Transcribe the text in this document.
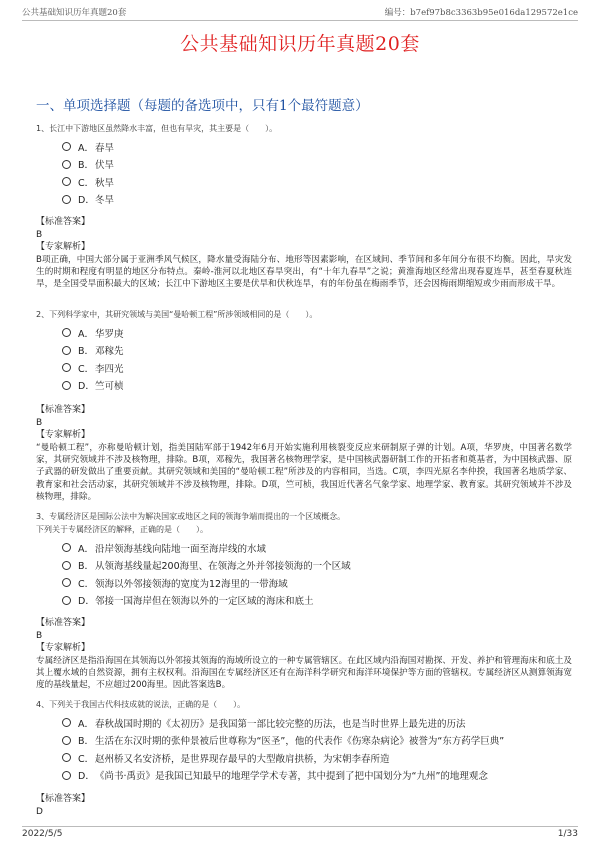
公共基础知识历年真题20套	编号：b7ef97b8c3363b95e016da129572e1ce
公共基础知识历年真题20套
一、单项选择题（每题的备选项中，只有1个最符题意）
1、长江中下游地区虽然降水丰富，但也有旱灾，其主要是（　　）。
A． 春旱
B． 伏旱
C． 秋旱
D． 冬旱
【标准答案】
B
【专家解析】
B项正确，中国大部分属于亚洲季风气候区，降水量受海陆分布、地形等因素影响，在区域间、季节间和多年间分布很不均衡。因此，旱灾发生的时期和程度有明显的地区分布特点。秦岭-淮河以北地区春旱突出，有“十年九春旱”之说；黄淮海地区经常出现春夏连旱，甚至春夏秋连旱，是全国受旱面积最大的区域；长江中下游地区主要是伏旱和伏秋连旱，有的年份虽在梅雨季节，还会因梅雨期缩短或少雨而形成干旱。
2、下列科学家中，其研究领域与美国“曼哈顿工程”所涉领域相同的是（　　）。
A． 华罗庚
B． 邓稼先
C． 李四光
D． 竺可桢
【标准答案】
B
【专家解析】
“曼哈顿工程”，亦称曼哈顿计划，指美国陆军部于1942年6月开始实施利用核裂变反应来研制原子弹的计划。A项，华罗庚，中国著名数学家，其研究领域并不涉及核物理，排除。B项，邓稼先，我国著名核物理学家，是中国核武器研制工作的开拓者和奠基者，为中国核武器、原子武器的研发做出了重要贡献。其研究领域和美国的“曼哈顿工程”所涉及的内容相同，当选。C项，李四光原名李仲揆，我国著名地质学家、教育家和社会活动家，其研究领域并不涉及核物理，排除。D项，竺可桢，我国近代著名气象学家、地理学家、教育家。其研究领域并不涉及核物理，排除。
3、专属经济区是国际公法中为解决国家或地区之间的领海争端而提出的一个区域概念。
下列关于专属经济区的解释，正确的是（　　）。
A． 沿岸领海基线向陆地一面至海岸线的水域
B． 从领海基线量起200海里、在领海之外并邻接领海的一个区域
C． 领海以外邻接领海的宽度为12海里的一带海域
D． 邻接一国海岸但在领海以外的一定区域的海床和底土
【标准答案】
B
【专家解析】
专属经济区是指沿海国在其领海以外邻接其领海的海域所设立的一种专属管辖区。在此区域内沿海国对勘探、开发、养护和管理海床和底土及其上覆水域的自然资源，拥有主权权利。沿海国在专属经济区还有在海洋科学研究和海洋环境保护等方面的管辖权。专属经济区从测算领海宽度的基线量起，不应超过200海里。因此答案选B。
4、下列关于我国古代科技成就的说法，正确的是（　　）。
A． 春秋战国时期的《太初历》是我国第一部比较完整的历法，也是当时世界上最先进的历法
B． 生活在东汉时期的张仲景被后世尊称为“医圣”，他的代表作《伤寒杂病论》被誉为“东方药学巨典”
C． 赵州桥又名安济桥，是世界现存最早的大型敞肩拱桥，为宋朝李春所造
D． 《尚书·禹贡》是我国已知最早的地理学学术专著，其中提到了把中国划分为“九州”的地理观念
【标准答案】
D
2022/5/5	1/33
